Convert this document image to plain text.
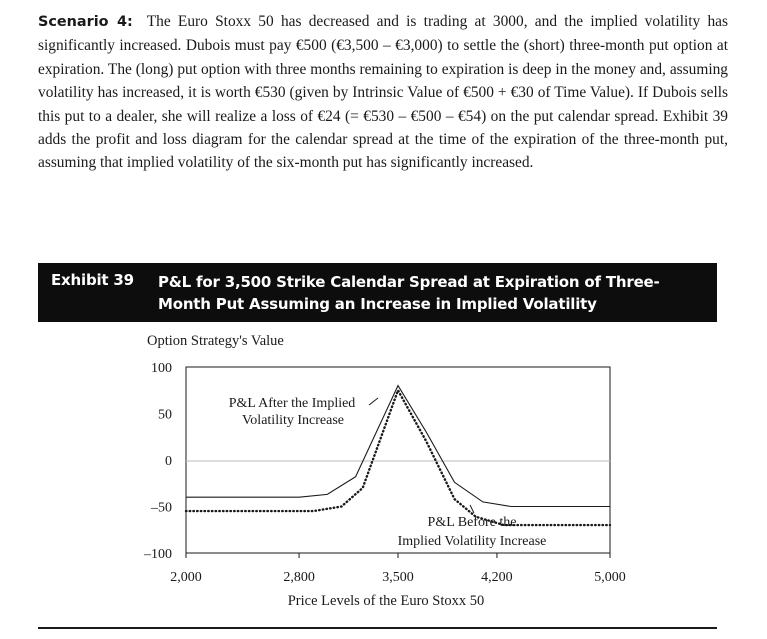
Scenario 4: The Euro Stoxx 50 has decreased and is trading at 3000, and the implied volatility has significantly increased. Dubois must pay €500 (€3,500 – €3,000) to settle the (short) three-month put option at expiration. The (long) put option with three months remaining to expiration is deep in the money and, assuming volatility has increased, it is worth €530 (given by Intrinsic Value of €500 + €30 of Time Value). If Dubois sells this put to a dealer, she will realize a loss of €24 (= €530 – €500 – €54) on the put calendar spread. Exhibit 39 adds the profit and loss diagram for the calendar spread at the time of the expiration of the three-month put, assuming that implied volatility of the six-month put has significantly increased.

Exhibit 39 P&L for 3,500 Strike Calendar Spread at Expiration of Three-Month Put Assuming an Increase in Implied Volatility
Option Strategy's Value
Price Levels of the Euro Stoxx 50
100
50
0
–50
–100
2,000	2,800	3,500	4,200	5,000
P&L After the Implied
Volatility Increase
P&L Before the
Implied Volatility Increase
